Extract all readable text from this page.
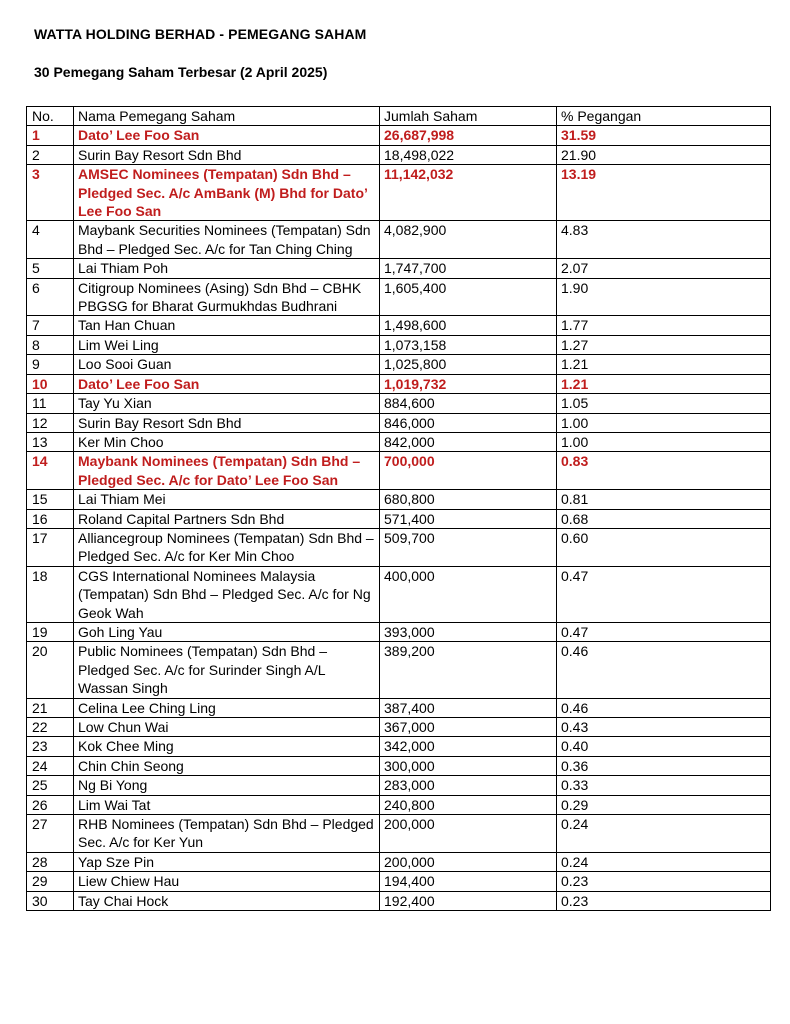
WATTA HOLDING BERHAD - PEMEGANG SAHAM
30 Pemegang Saham Terbesar (2 April 2025)
No.	Nama Pemegang Saham	Jumlah Saham	% Pegangan
1	Dato’ Lee Foo San	26,687,998	31.59
2	Surin Bay Resort Sdn Bhd	18,498,022	21.90
3	AMSEC Nominees (Tempatan) Sdn Bhd – Pledged Sec. A/c AmBank (M) Bhd for Dato’ Lee Foo San	11,142,032	13.19
4	Maybank Securities Nominees (Tempatan) Sdn Bhd – Pledged Sec. A/c for Tan Ching Ching	4,082,900	4.83
5	Lai Thiam Poh	1,747,700	2.07
6	Citigroup Nominees (Asing) Sdn Bhd – CBHK PBGSG for Bharat Gurmukhdas Budhrani	1,605,400	1.90
7	Tan Han Chuan	1,498,600	1.77
8	Lim Wei Ling	1,073,158	1.27
9	Loo Sooi Guan	1,025,800	1.21
10	Dato’ Lee Foo San	1,019,732	1.21
11	Tay Yu Xian	884,600	1.05
12	Surin Bay Resort Sdn Bhd	846,000	1.00
13	Ker Min Choo	842,000	1.00
14	Maybank Nominees (Tempatan) Sdn Bhd – Pledged Sec. A/c for Dato’ Lee Foo San	700,000	0.83
15	Lai Thiam Mei	680,800	0.81
16	Roland Capital Partners Sdn Bhd	571,400	0.68
17	Alliancegroup Nominees (Tempatan) Sdn Bhd – Pledged Sec. A/c for Ker Min Choo	509,700	0.60
18	CGS International Nominees Malaysia (Tempatan) Sdn Bhd – Pledged Sec. A/c for Ng Geok Wah	400,000	0.47
19	Goh Ling Yau	393,000	0.47
20	Public Nominees (Tempatan) Sdn Bhd – Pledged Sec. A/c for Surinder Singh A/L Wassan Singh	389,200	0.46
21	Celina Lee Ching Ling	387,400	0.46
22	Low Chun Wai	367,000	0.43
23	Kok Chee Ming	342,000	0.40
24	Chin Chin Seong	300,000	0.36
25	Ng Bi Yong	283,000	0.33
26	Lim Wai Tat	240,800	0.29
27	RHB Nominees (Tempatan) Sdn Bhd – Pledged Sec. A/c for Ker Yun	200,000	0.24
28	Yap Sze Pin	200,000	0.24
29	Liew Chiew Hau	194,400	0.23
30	Tay Chai Hock	192,400	0.23
